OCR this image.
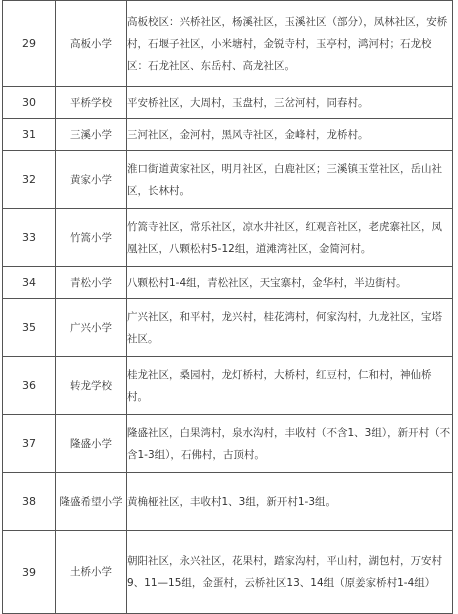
29	高板小学	高板校区：兴桥社区，杨溪社区，玉溪社区（部分），凤林社区，安桥村，石堰子社区，小米塘村，金锐寺村，玉亭村，鸿河村；石龙校区：石龙社区、东岳村、高龙社区。

30	平桥学校	平安桥社区，大周村，玉盘村，三岔河村，同春村。

31	三溪小学	三河社区，金河村，黑风寺社区，金峰村，龙桥村。

32	黄家小学	淮口街道黄家社区，明月社区，白鹿社区；三溪镇玉堂社区，岳山社区，长林村。

33	竹篙小学	竹篙寺社区，常乐社区，凉水井社区，红观音社区，老虎寨社区，凤凰社区，八颗松村5-12组，道滩湾社区，金简河村。

34	青松小学	八颗松村1-4组，青松社区，天宝寨村，金华村，半边街村。

35	广兴小学	广兴社区，和平村，龙兴村，桂花湾村，何家沟村，九龙社区，宝塔社区。

36	转龙学校	桂龙社区，桑园村，龙灯桥村，大桥村，红豆村，仁和村，神仙桥村。

37	隆盛小学	隆盛社区，白果湾村，泉水沟村，丰收村（不含1、3组），新开村（不含1-3组），石佛村，古顶村。

38	隆盛希望小学	黄桷桠社区，丰收村1、3组，新开村1-3组。

39	土桥小学	朝阳社区，永兴社区，花果村，踏家沟村，平山村，湖包村，万安村9、11—15组，金蛋村，云桥社区13、14组（原姜家桥村1-4组）
